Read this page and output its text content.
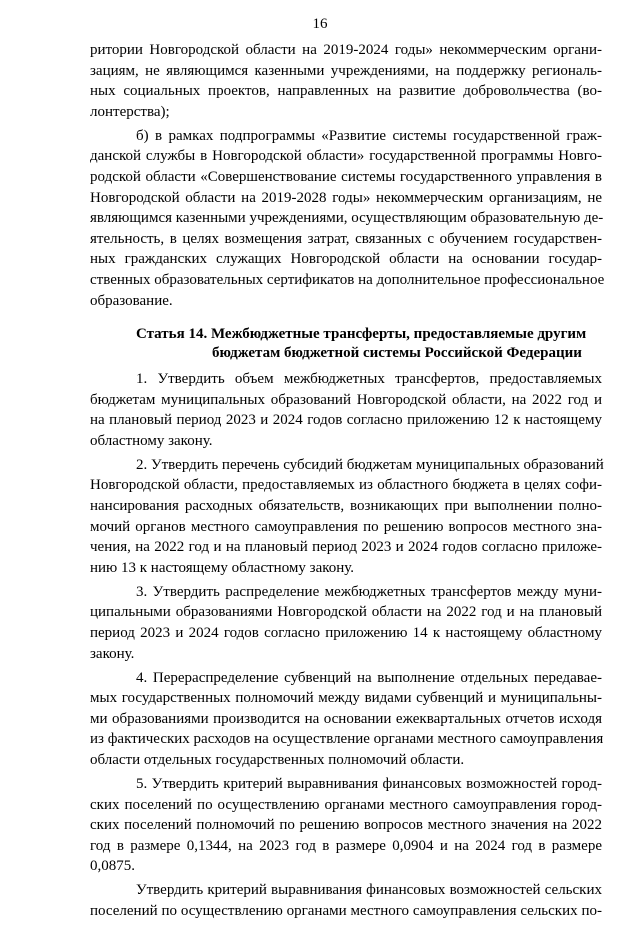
16
ритории Новгородской области на 2019-2024 годы» некоммерческим органи-
зациям, не являющимся казенными учреждениями, на поддержку региональ-
ных социальных проектов, направленных на развитие добровольчества (во-
лонтерства);
б) в рамках подпрограммы «Развитие системы государственной граж-
данской службы в Новгородской области» государственной программы Новго-
родской области «Совершенствование системы государственного управления в
Новгородской области на 2019-2028 годы» некоммерческим организациям, не
являющимся казенными учреждениями, осуществляющим образовательную де-
ятельность, в целях возмещения затрат, связанных с обучением государствен-
ных гражданских служащих Новгородской области на основании государ-
ственных образовательных сертификатов на дополнительное профессиональное
образование.
Статья 14. Межбюджетные трансферты, предоставляемые другим
бюджетам бюджетной системы Российской Федерации
1. Утвердить объем межбюджетных трансфертов, предоставляемых
бюджетам муниципальных образований Новгородской области, на 2022 год и
на плановый период 2023 и 2024 годов согласно приложению 12 к настоящему
областному закону.
2. Утвердить перечень субсидий бюджетам муниципальных образований
Новгородской области, предоставляемых из областного бюджета в целях софи-
нансирования расходных обязательств, возникающих при выполнении полно-
мочий органов местного самоуправления по решению вопросов местного зна-
чения, на 2022 год и на плановый период 2023 и 2024 годов согласно приложе-
нию 13 к настоящему областному закону.
3. Утвердить распределение межбюджетных трансфертов между муни-
ципальными образованиями Новгородской области на 2022 год и на плановый
период 2023 и 2024 годов согласно приложению 14 к настоящему областному
закону.
4. Перераспределение субвенций на выполнение отдельных передавае-
мых государственных полномочий между видами субвенций и муниципальны-
ми образованиями производится на основании ежеквартальных отчетов исходя
из фактических расходов на осуществление органами местного самоуправления
области отдельных государственных полномочий области.
5. Утвердить критерий выравнивания финансовых возможностей город-
ских поселений по осуществлению органами местного самоуправления город-
ских поселений полномочий по решению вопросов местного значения на 2022
год в размере 0,1344, на 2023 год в размере 0,0904 и на 2024 год в размере
0,0875.
Утвердить критерий выравнивания финансовых возможностей сельских
поселений по осуществлению органами местного самоуправления сельских по-
